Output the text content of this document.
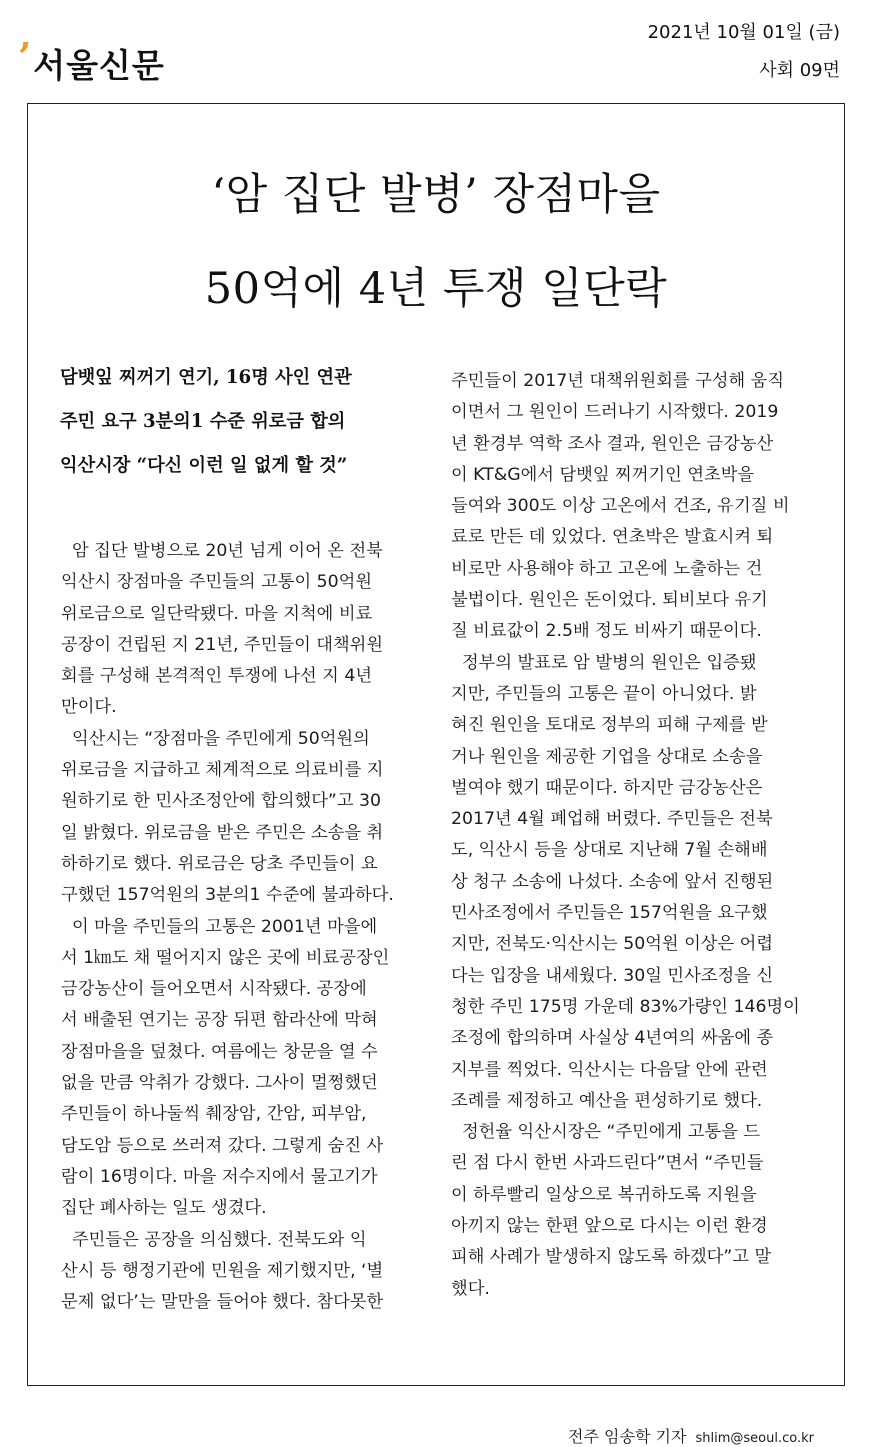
’ 서울신문
2021년 10월 01일 (금)
사회 09면
‘암 집단 발병’ 장점마을
50억에 4년 투쟁 일단락
담뱃잎 찌꺼기 연기, 16명 사인 연관
주민 요구 3분의1 수준 위로금 합의
익산시장 “다신 이런 일 없게 할 것”
암 집단 발병으로 20년 넘게 이어 온 전북
익산시 장점마을 주민들의 고통이 50억원
위로금으로 일단락됐다. 마을 지척에 비료
공장이 건립된 지 21년, 주민들이 대책위원
회를 구성해 본격적인 투쟁에 나선 지 4년
만이다.
익산시는 “장점마을 주민에게 50억원의
위로금을 지급하고 체계적으로 의료비를 지
원하기로 한 민사조정안에 합의했다”고 30
일 밝혔다. 위로금을 받은 주민은 소송을 취
하하기로 했다. 위로금은 당초 주민들이 요
구했던 157억원의 3분의1 수준에 불과하다.
이 마을 주민들의 고통은 2001년 마을에
서 1㎞도 채 떨어지지 않은 곳에 비료공장인
금강농산이 들어오면서 시작됐다. 공장에
서 배출된 연기는 공장 뒤편 함라산에 막혀
장점마을을 덮쳤다. 여름에는 창문을 열 수
없을 만큼 악취가 강했다. 그사이 멀쩡했던
주민들이 하나둘씩 췌장암, 간암, 피부암,
담도암 등으로 쓰러져 갔다. 그렇게 숨진 사
람이 16명이다. 마을 저수지에서 물고기가
집단 폐사하는 일도 생겼다.
주민들은 공장을 의심했다. 전북도와 익
산시 등 행정기관에 민원을 제기했지만, ‘별
문제 없다’는 말만을 들어야 했다. 참다못한
주민들이 2017년 대책위원회를 구성해 움직
이면서 그 원인이 드러나기 시작했다. 2019
년 환경부 역학 조사 결과, 원인은 금강농산
이 KT&G에서 담뱃잎 찌꺼기인 연초박을
들여와 300도 이상 고온에서 건조, 유기질 비
료로 만든 데 있었다. 연초박은 발효시켜 퇴
비로만 사용해야 하고 고온에 노출하는 건
불법이다. 원인은 돈이었다. 퇴비보다 유기
질 비료값이 2.5배 정도 비싸기 때문이다.
정부의 발표로 암 발병의 원인은 입증됐
지만, 주민들의 고통은 끝이 아니었다. 밝
혀진 원인을 토대로 정부의 피해 구제를 받
거나 원인을 제공한 기업을 상대로 소송을
벌여야 했기 때문이다. 하지만 금강농산은
2017년 4월 폐업해 버렸다. 주민들은 전북
도, 익산시 등을 상대로 지난해 7월 손해배
상 청구 소송에 나섰다. 소송에 앞서 진행된
민사조정에서 주민들은 157억원을 요구했
지만, 전북도·익산시는 50억원 이상은 어렵
다는 입장을 내세웠다. 30일 민사조정을 신
청한 주민 175명 가운데 83%가량인 146명이
조정에 합의하며 사실상 4년여의 싸움에 종
지부를 찍었다. 익산시는 다음달 안에 관련
조례를 제정하고 예산을 편성하기로 했다.
정헌율 익산시장은 “주민에게 고통을 드
린 점 다시 한번 사과드린다”면서 “주민들
이 하루빨리 일상으로 복귀하도록 지원을
아끼지 않는 한편 앞으로 다시는 이런 환경
피해 사례가 발생하지 않도록 하겠다”고 말
했다.
전주 임송학 기자 shlim@seoul.co.kr
